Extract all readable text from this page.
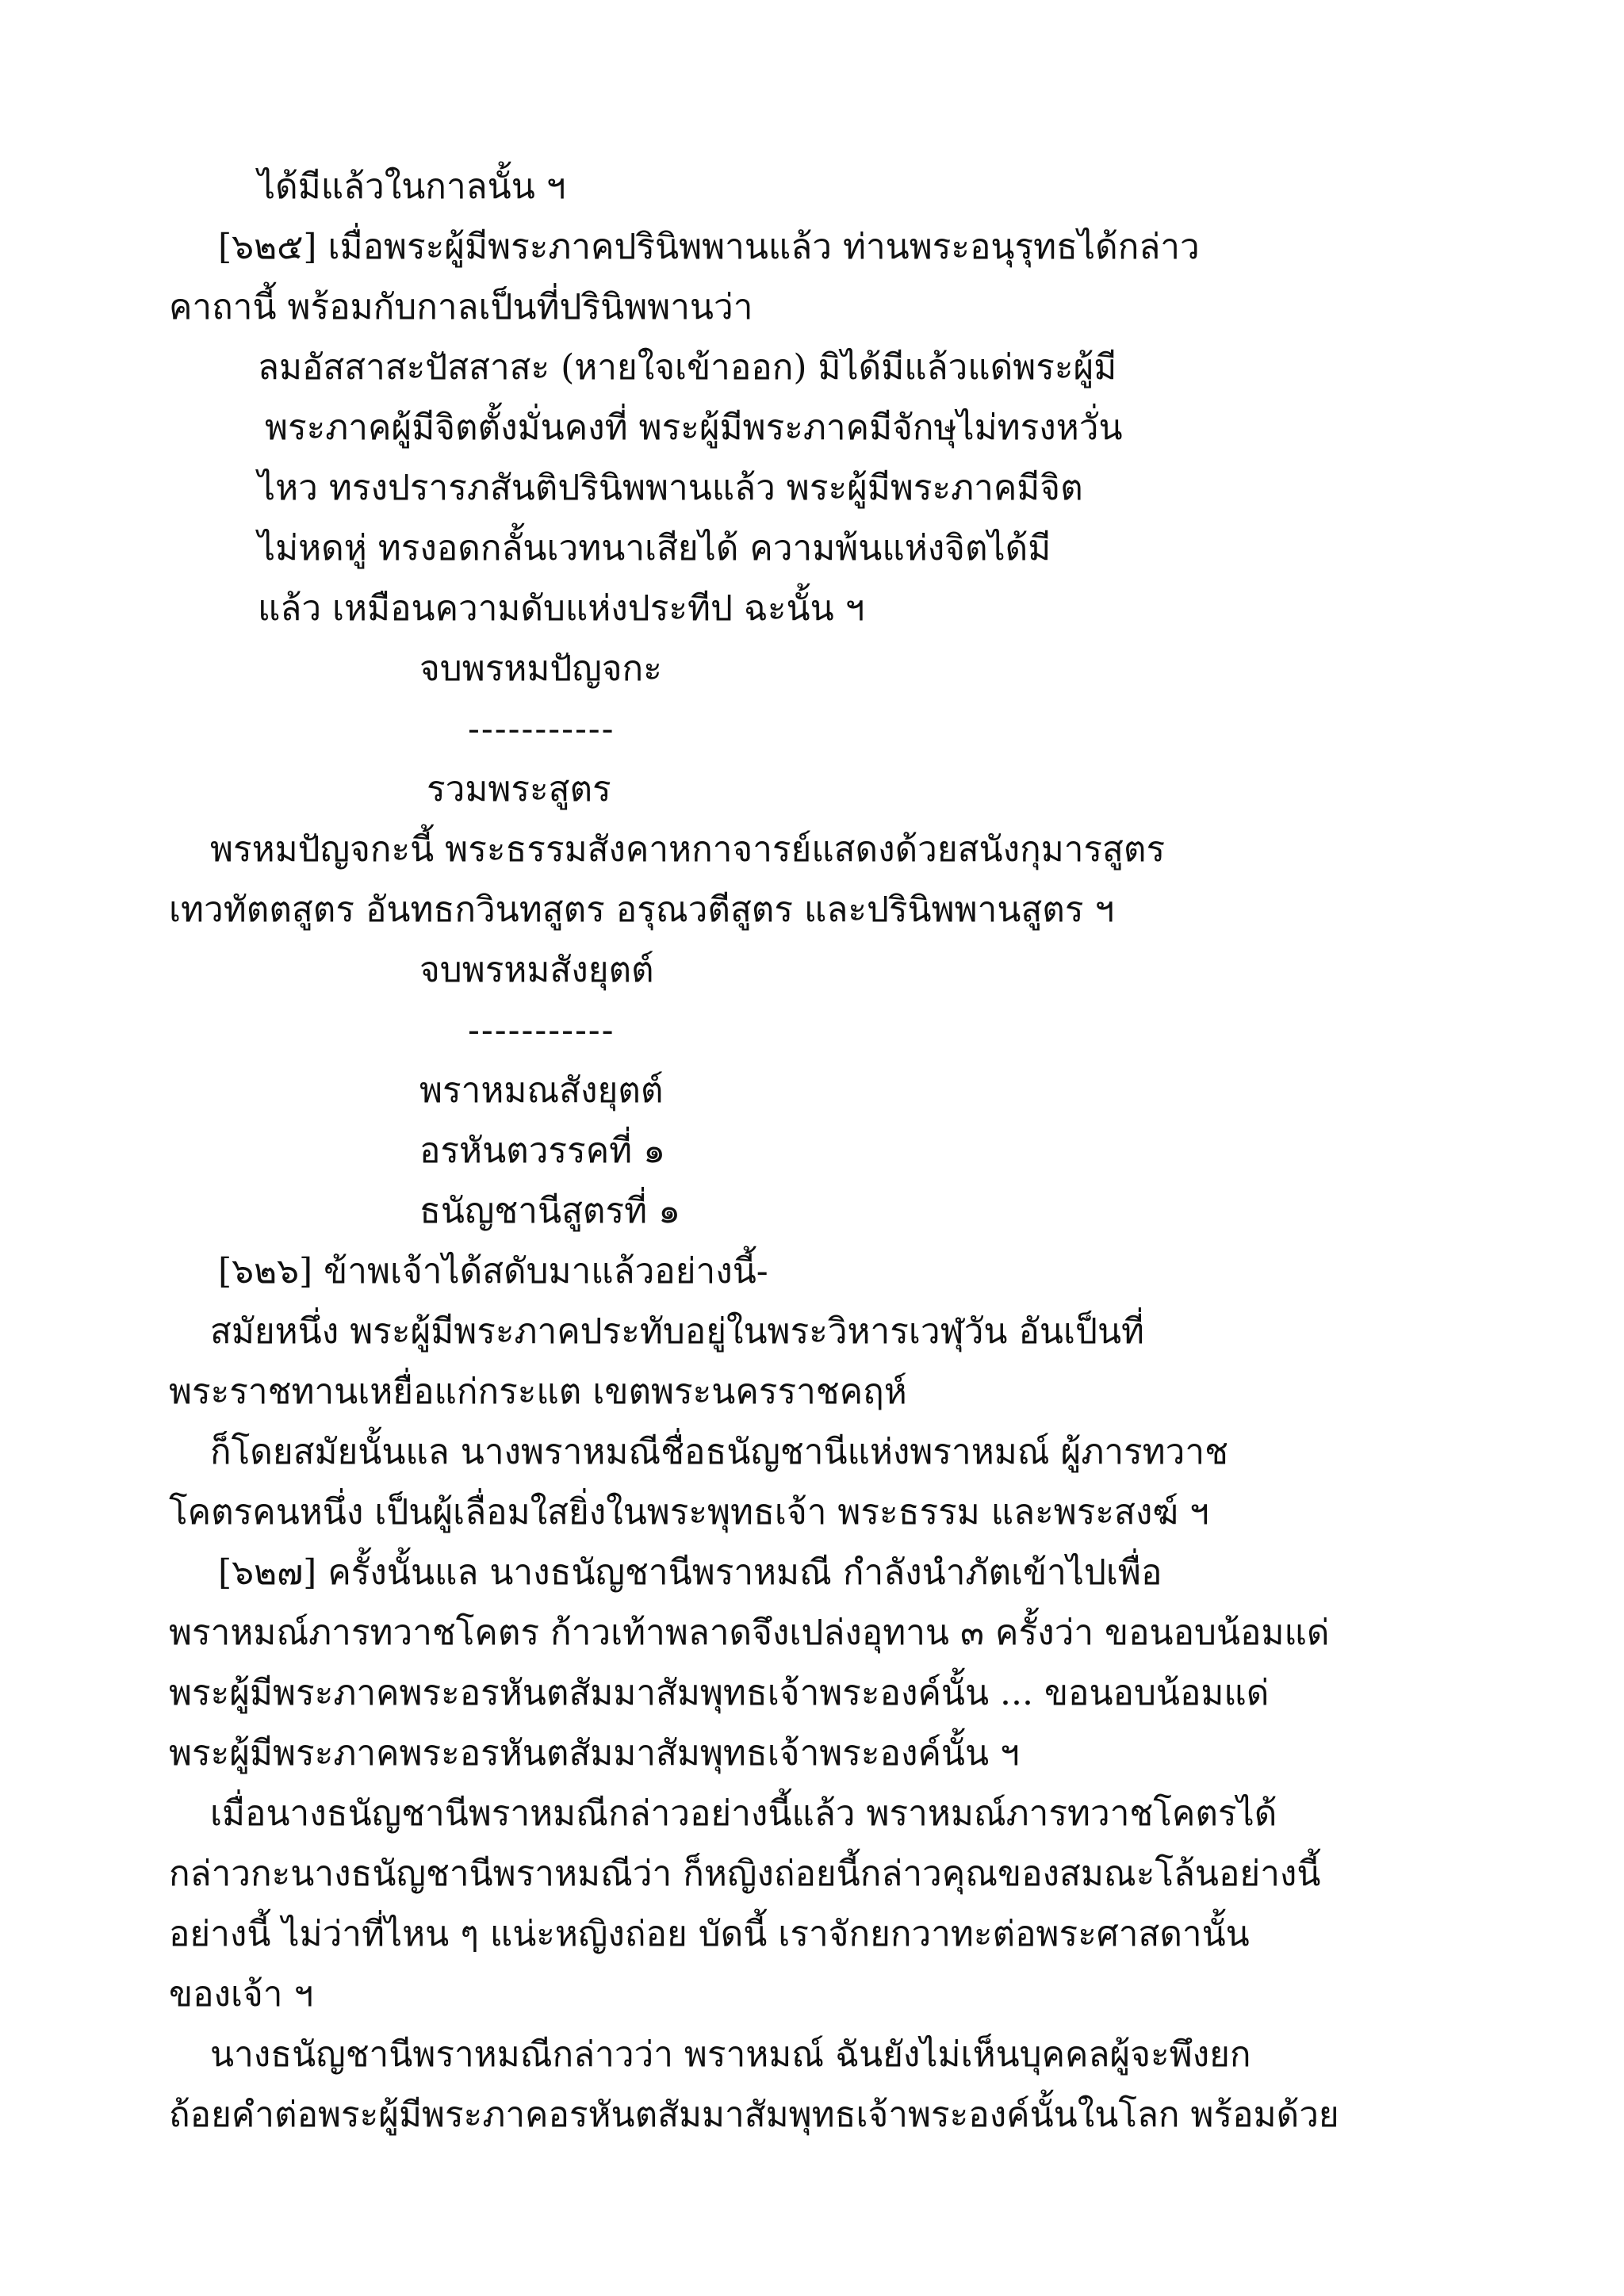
ได้มีแล้วในกาลนั้น ฯ
[๖๒๕] เมื่อพระผู้มีพระภาคปรินิพพานแล้ว ท่านพระอนุรุทธได้กล่าว
คาถานี้ พร้อมกับกาลเป็นที่ปรินิพพานว่า
ลมอัสสาสะปัสสาสะ (หายใจเข้าออก) มิได้มีแล้วแด่พระผู้มี
พระภาคผู้มีจิตตั้งมั่นคงที่ พระผู้มีพระภาคมีจักษุไม่ทรงหวั่น
ไหว ทรงปรารภสันติปรินิพพานแล้ว พระผู้มีพระภาคมีจิต
ไม่หดหู่ ทรงอดกลั้นเวทนาเสียได้ ความพ้นแห่งจิตได้มี
แล้ว เหมือนความดับแห่งประทีป ฉะนั้น ฯ
จบพรหมปัญจกะ
-----------
รวมพระสูตร
พรหมปัญจกะนี้ พระธรรมสังคาหกาจารย์แสดงด้วยสนังกุมารสูตร
เทวทัตตสูตร อันทธกวินทสูตร อรุณวตีสูตร และปรินิพพานสูตร ฯ
จบพรหมสังยุตต์
-----------
พราหมณสังยุตต์
อรหันตวรรคที่ ๑
ธนัญชานีสูตรที่ ๑
[๖๒๖] ข้าพเจ้าได้สดับมาแล้วอย่างนี้-
สมัยหนึ่ง พระผู้มีพระภาคประทับอยู่ในพระวิหารเวฬุวัน อันเป็นที่
พระราชทานเหยื่อแก่กระแต เขตพระนครราชคฤห์
ก็โดยสมัยนั้นแล นางพราหมณีชื่อธนัญชานีแห่งพราหมณ์ ผู้ภารทวาช
โคตรคนหนึ่ง เป็นผู้เลื่อมใสยิ่งในพระพุทธเจ้า พระธรรม และพระสงฆ์ ฯ
[๖๒๗] ครั้งนั้นแล นางธนัญชานีพราหมณี กำลังนำภัตเข้าไปเพื่อ
พราหมณ์ภารทวาชโคตร ก้าวเท้าพลาดจึงเปล่งอุทาน ๓ ครั้งว่า ขอนอบน้อมแด่
พระผู้มีพระภาคพระอรหันตสัมมาสัมพุทธเจ้าพระองค์นั้น ... ขอนอบน้อมแด่
พระผู้มีพระภาคพระอรหันตสัมมาสัมพุทธเจ้าพระองค์นั้น ฯ
เมื่อนางธนัญชานีพราหมณีกล่าวอย่างนี้แล้ว พราหมณ์ภารทวาชโคตรได้
กล่าวกะนางธนัญชานีพราหมณีว่า ก็หญิงถ่อยนี้กล่าวคุณของสมณะโล้นอย่างนี้
อย่างนี้ ไม่ว่าที่ไหน ๆ แน่ะหญิงถ่อย บัดนี้ เราจักยกวาทะต่อพระศาสดานั้น
ของเจ้า ฯ
นางธนัญชานีพราหมณีกล่าวว่า พราหมณ์ ฉันยังไม่เห็นบุคคลผู้จะพึงยก
ถ้อยคำต่อพระผู้มีพระภาคอรหันตสัมมาสัมพุทธเจ้าพระองค์นั้นในโลก พร้อมด้วย
